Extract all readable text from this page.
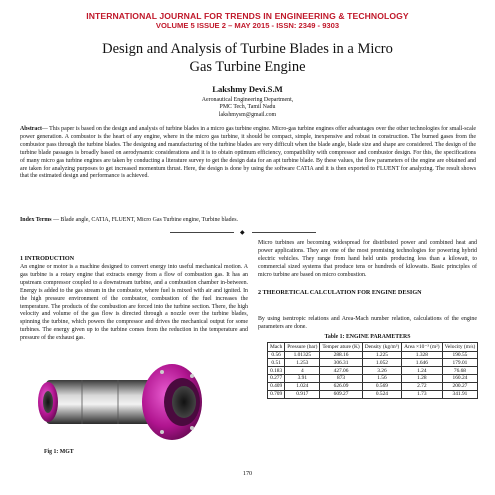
INTERNATIONAL JOURNAL FOR TRENDS IN ENGINEERING & TECHNOLOGY
VOLUME 5 ISSUE 2 – MAY 2015 - ISSN: 2349 - 9303
Design and Analysis of Turbine Blades in a Micro
Gas Turbine Engine
Lakshmy Devi.S.M
Aeronautical Engineering Department,
PMC Tech, Tamil Nadu
lakshmysm@gmail.com
Abstract— This paper is based on the design and analysis of turbine blades in a micro gas turbine engine. Micro-gas turbine engines offer advantages over the other technologies for small-scale power generation. A combustor is the heart of any engine, where in the micro gas turbine, it should be compact, simple, inexpensive and robust in construction. The burned gases from the combustor pass through the turbine blades. The designing and manufacturing of the turbine blades are very difficult when the blade angle, blade size and shape are considered. The design of the turbine blade passages is broadly based on aerodynamic considerations and it is to obtain optimum efficiency, compatibility with compressor and combustor design. For this, the specifications of many micro gas turbine engines are taken by conducting a literature survey to get the design data for an apt turbine blade. By these values, the flow parameters of the engine are obtained and are taken for analyzing purposes to get increased momentum thrust. Here, the design is done by using the software CATIA and it is then exported to FLUENT for analyzing. The result shows that the estimated design and performance is achieved.
Index Terms — Blade angle, CATIA, FLUENT, Micro Gas Turbine engine, Turbine blades.
◆
1 INTRODUCTION
An engine or motor is a machine designed to convert energy into useful mechanical motion. A gas turbine is a rotary engine that extracts energy from a flow of combustion gas. It has an upstream compressor coupled to a downstream turbine, and a combustion chamber in-between. Energy is added to the gas stream in the combustor, where fuel is mixed with air and ignited. In the high pressure environment of the combustor, combustion of the fuel increases the temperature. The products of the combustion are forced into the turbine section. There, the high velocity and volume of the gas flow is directed through a nozzle over the turbine blades, spinning the turbine, which powers the compressor and drives the mechanical output for some turbines. The energy given up to the turbine comes from the reduction in the temperature and pressure of the exhaust gas.
Micro turbines are becoming widespread for distributed power and combined heat and power applications. They are one of the most promising technologies for powering hybrid electric vehicles. They range from hand held units producing less than a kilowatt, to commercial sized systems that produce tens or hundreds of kilowatts. Basic principles of micro turbine are based on micro combustion.
2 THEORETICAL CALCULATION FOR ENGINE DESIGN
By using isentropic relations and Area-Mach number relation, calculations of the engine parameters are done.
Table 1: ENGINE PARAMETERS
Mach	Pressure (bar)	Temper ature (K)	Density (kg/m³)	Area ×10⁻³ (m²)	Velocity (m/s)
0.56	1.01325	288.16	1.225	1.328	190.55
0.51	1.253	306.31	1.052	1.646	179.01
0.183	4	427.06	3.26	1.24	76.68
0.277	3.91	873	1.56	1.28	160.24
0.409	1.024	626.09	0.569	2.72	200.27
0.709	0.917	609.27	0.524	1.73	341.91
Fig 1: MGT
170
